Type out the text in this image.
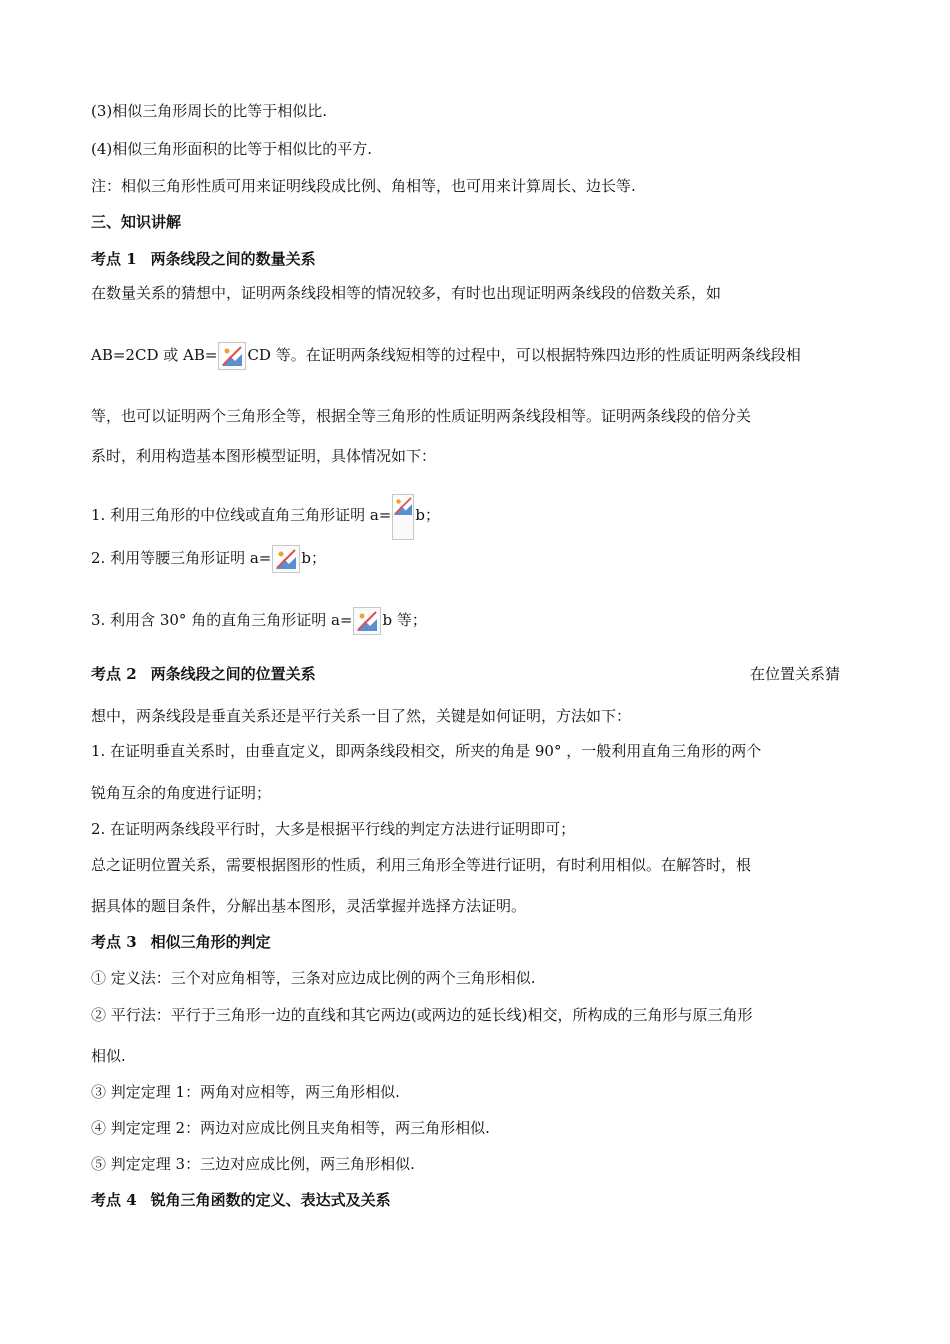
(3)相似三角形周长的比等于相似比.
(4)相似三角形面积的比等于相似比的平方.
注：相似三角形性质可用来证明线段成比例、角相等，也可用来计算周长、边长等.
三、知识讲解
考点 1 两条线段之间的数量关系
在数量关系的猜想中，证明两条线段相等的情况较多，有时也出现证明两条线段的倍数关系，如
AB=2CD 或 AB= CD 等。在证明两条线短相等的过程中，可以根据特殊四边形的性质证明两条线段相
等，也可以证明两个三角形全等，根据全等三角形的性质证明两条线段相等。证明两条线段的倍分关
系时，利用构造基本图形模型证明，具体情况如下：
1. 利用三角形的中位线或直角三角形证明 a= b；
2. 利用等腰三角形证明 a= b；
3. 利用含 30° 角的直角三角形证明 a= b 等；
考点 2 两条线段之间的位置关系	在位置关系猜
想中，两条线段是垂直关系还是平行关系一目了然，关键是如何证明，方法如下：
1. 在证明垂直关系时，由垂直定义，即两条线段相交，所夹的角是 90° ，一般利用直角三角形的两个
锐角互余的角度进行证明；
2. 在证明两条线段平行时，大多是根据平行线的判定方法进行证明即可；
总之证明位置关系，需要根据图形的性质，利用三角形全等进行证明，有时利用相似。在解答时，根
据具体的题目条件，分解出基本图形，灵活掌握并选择方法证明。
考点 3 相似三角形的判定
① 定义法：三个对应角相等，三条对应边成比例的两个三角形相似.
② 平行法：平行于三角形一边的直线和其它两边(或两边的延长线)相交，所构成的三角形与原三角形
相似.
③ 判定定理 1：两角对应相等，两三角形相似.
④ 判定定理 2：两边对应成比例且夹角相等，两三角形相似.
⑤ 判定定理 3：三边对应成比例，两三角形相似.
考点 4 锐角三角函数的定义、表达式及关系
